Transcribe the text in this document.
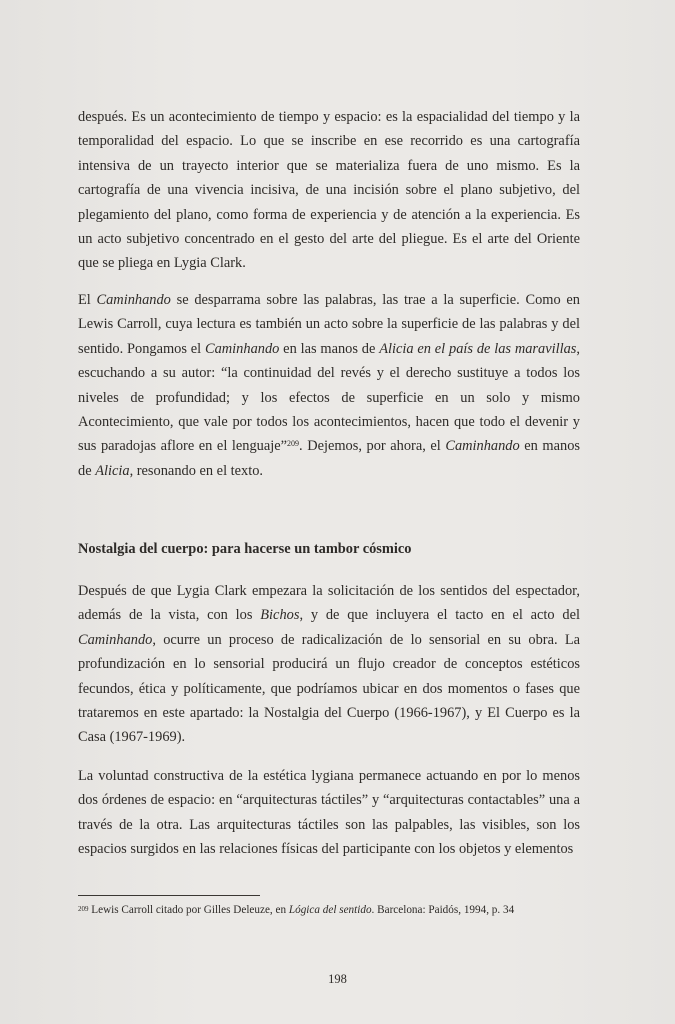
después. Es un acontecimiento de tiempo y espacio: es la espacialidad del tiempo y la temporalidad del espacio. Lo que se inscribe en ese recorrido es una cartografía intensiva de un trayecto interior que se materializa fuera de uno mismo. Es la cartografía de una vivencia incisiva, de una incisión sobre el plano subjetivo, del plegamiento del plano, como forma de experiencia y de atención a la experiencia. Es un acto subjetivo concentrado en el gesto del arte del pliegue. Es el arte del Oriente que se pliega en Lygia Clark.

El Caminhando se desparrama sobre las palabras, las trae a la superficie. Como en Lewis Carroll, cuya lectura es también un acto sobre la superficie de las palabras y del sentido. Pongamos el Caminhando en las manos de Alicia en el país de las maravillas, escuchando a su autor: “la continuidad del revés y el derecho sustituye a todos los niveles de profundidad; y los efectos de superficie en un solo y mismo Acontecimiento, que vale por todos los acontecimientos, hacen que todo el devenir y sus paradojas aflore en el lenguaje”$^{209}$. Dejemos, por ahora, el Caminhando en manos de Alicia, resonando en el texto.

Nostalgia del cuerpo: para hacerse un tambor cósmico

Después de que Lygia Clark empezara la solicitación de los sentidos del espectador, además de la vista, con los Bichos, y de que incluyera el tacto en el acto del Caminhando, ocurre un proceso de radicalización de lo sensorial en su obra. La profundización en lo sensorial producirá un flujo creador de conceptos estéticos fecundos, ética y políticamente, que podríamos ubicar en dos momentos o fases que trataremos en este apartado: la Nostalgia del Cuerpo (1966-1967), y El Cuerpo es la Casa (1967-1969).

La voluntad constructiva de la estética lygiana permanece actuando en por lo menos dos órdenes de espacio: en “arquitecturas táctiles” y “arquitecturas contactables” una a través de la otra. Las arquitecturas táctiles son las palpables, las visibles, son los espacios surgidos en las relaciones físicas del participante con los objetos y elementos

$^{209}$ Lewis Carroll citado por Gilles Deleuze, en Lógica del sentido. Barcelona: Paidós, 1994, p. 34

198
